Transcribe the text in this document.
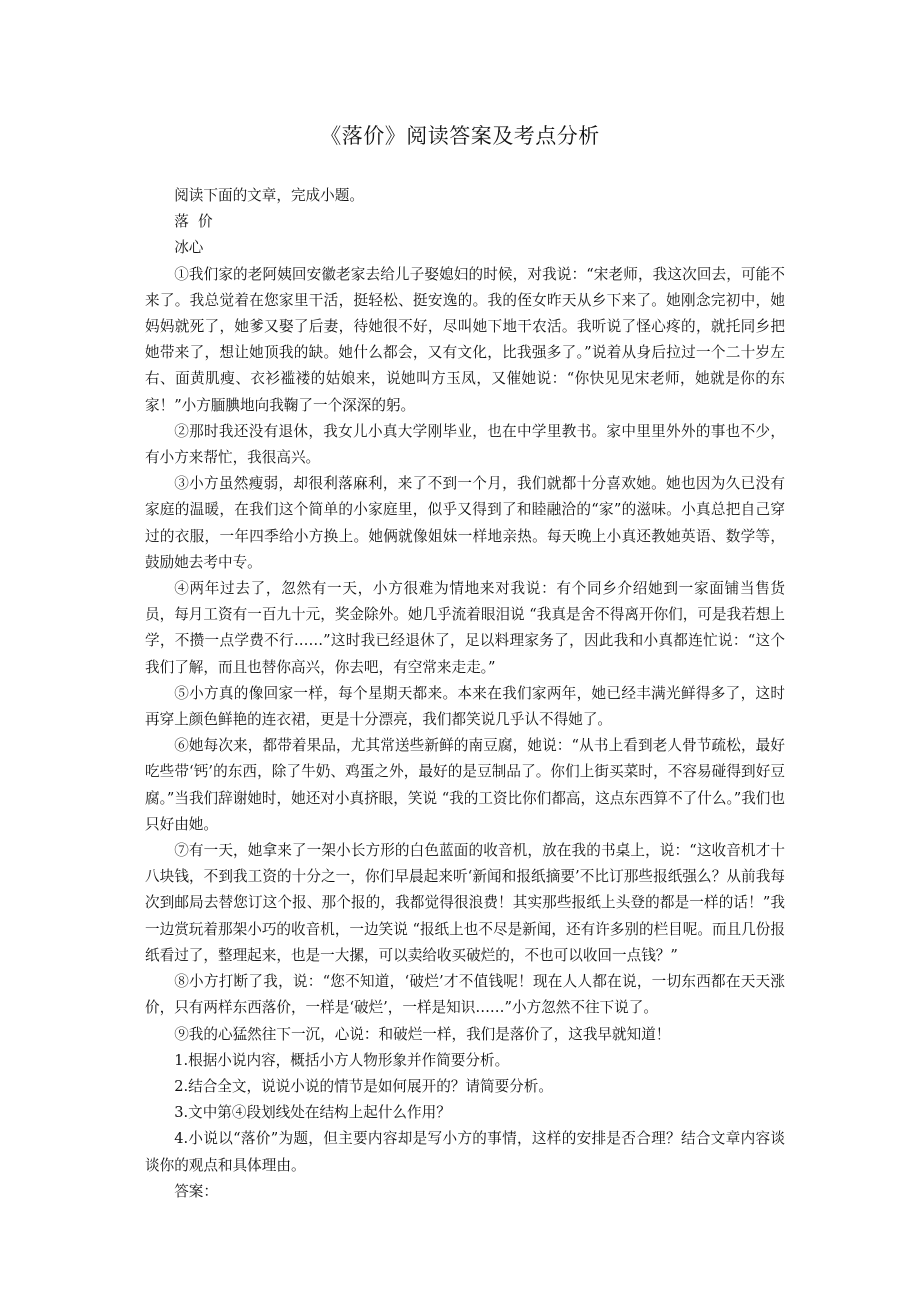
《落价》阅读答案及考点分析

阅读下面的文章，完成小题。

落  价

冰心

①我们家的老阿姨回安徽老家去给儿子娶媳妇的时候，对我说：“宋老师，我这次回去，可能不来了。我总觉着在您家里干活，挺轻松、挺安逸的。我的侄女昨天从乡下来了。她刚念完初中，她妈妈就死了，她爹又娶了后妻，待她很不好，尽叫她下地干农活。我听说了怪心疼的，就托同乡把她带来了，想让她顶我的缺。她什么都会，又有文化，比我强多了。”说着从身后拉过一个二十岁左右、面黄肌瘦、衣衫褴褛的姑娘来，说她叫方玉凤，又催她说：“你快见见宋老师，她就是你的东家！”小方腼腆地向我鞠了一个深深的躬。

②那时我还没有退休，我女儿小真大学刚毕业，也在中学里教书。家中里里外外的事也不少，有小方来帮忙，我很高兴。

③小方虽然瘦弱，却很利落麻利，来了不到一个月，我们就都十分喜欢她。她也因为久已没有家庭的温暖，在我们这个简单的小家庭里，似乎又得到了和睦融洽的“家”的滋味。小真总把自己穿过的衣服，一年四季给小方换上。她俩就像姐妹一样地亲热。每天晚上小真还教她英语、数学等，鼓励她去考中专。

④两年过去了，忽然有一天，小方很难为情地来对我说：有个同乡介绍她到一家面铺当售货员，每月工资有一百九十元，奖金除外。她几乎流着眼泪说 “我真是舍不得离开你们，可是我若想上学，不攒一点学费不行……”这时我已经退休了，足以料理家务了，因此我和小真都连忙说：“这个我们了解，而且也替你高兴，你去吧，有空常来走走。”

⑤小方真的像回家一样，每个星期天都来。本来在我们家两年，她已经丰满光鲜得多了，这时再穿上颜色鲜艳的连衣裙，更是十分漂亮，我们都笑说几乎认不得她了。

⑥她每次来，都带着果品，尤其常送些新鲜的南豆腐，她说：“从书上看到老人骨节疏松，最好吃些带‘钙’的东西，除了牛奶、鸡蛋之外，最好的是豆制品了。你们上街买菜时，不容易碰得到好豆腐。”当我们辞谢她时，她还对小真挤眼，笑说 “我的工资比你们都高，这点东西算不了什么。”我们也只好由她。

⑦有一天，她拿来了一架小长方形的白色蓝面的收音机，放在我的书桌上，说：“这收音机才十八块钱，不到我工资的十分之一，你们早晨起来听‘新闻和报纸摘要’不比订那些报纸强么？从前我每次到邮局去替您订这个报、那个报的，我都觉得很浪费！其实那些报纸上头登的都是一样的话！”我一边赏玩着那架小巧的收音机，一边笑说 “报纸上也不尽是新闻，还有许多别的栏目呢。而且几份报纸看过了，整理起来，也是一大摞，可以卖给收买破烂的，不也可以收回一点钱？”

⑧小方打断了我，说：“您不知道，‘破烂’才不值钱呢！现在人人都在说，一切东西都在天天涨价，只有两样东西落价，一样是‘破烂’，一样是知识……”小方忽然不往下说了。

⑨我的心猛然往下一沉，心说：和破烂一样，我们是落价了，这我早就知道！

1.根据小说内容，概括小方人物形象并作简要分析。

2.结合全文，说说小说的情节是如何展开的？请简要分析。

3.文中第④段划线处在结构上起什么作用？

4.小说以“落价”为题，但主要内容却是写小方的事情，这样的安排是否合理？结合文章内容谈谈你的观点和具体理由。

答案：
